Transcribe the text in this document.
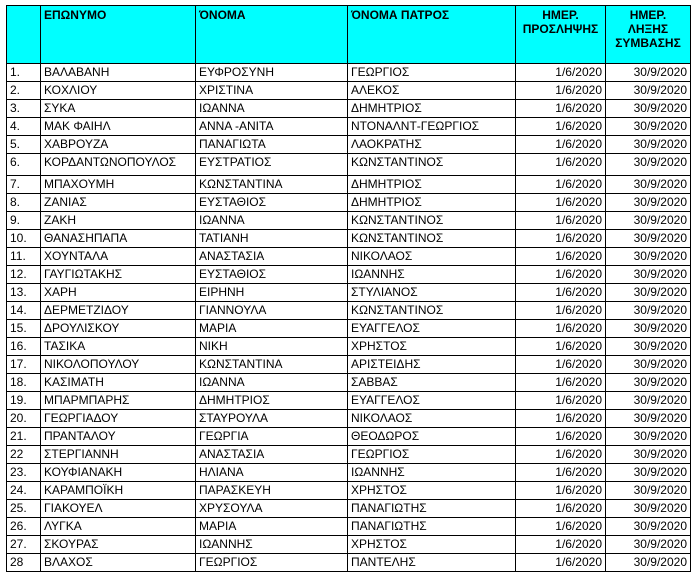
	ΕΠΩΝΥΜΟ	ΌΝΟΜΑ	ΌΝΟΜΑ ΠΑΤΡΟΣ	ΗΜΕΡ. ΠΡΟΣΛΗΨΗΣ	ΗΜΕΡ. ΛΗΞΗΣ ΣΥΜΒΑΣΗΣ
1.	ΒΑΛΑΒΑΝΗ	ΕΥΦΡΟΣΥΝΗ	ΓΕΩΡΓΙΟΣ	1/6/2020	30/9/2020
2.	ΚΟΧΛΙΟΥ	ΧΡΙΣΤΙΝΑ	ΑΛΕΚΟΣ	1/6/2020	30/9/2020
3.	ΣΥΚΑ	ΙΩΑΝΝΑ	ΔΗΜΗΤΡΙΟΣ	1/6/2020	30/9/2020
4.	ΜΑΚ ΦΑΙΗΛ	ΑΝΝΑ -ΑΝΙΤΑ	ΝΤΟΝΑΛΝΤ-ΓΕΩΡΓΙΟΣ	1/6/2020	30/9/2020
5.	ΧΑΒΡΟΥΖΑ	ΠΑΝΑΓΙΩΤΑ	ΛΑΟΚΡΑΤΗΣ	1/6/2020	30/9/2020
6.	ΚΟΡΔΑΝΤΩΝΟΠΟΥΛΟΣ	ΕΥΣΤΡΑΤΙΟΣ	ΚΩΝΣΤΑΝΤΙΝΟΣ	1/6/2020	30/9/2020
7.	ΜΠΑΧΟΥΜΗ	ΚΩΝΣΤΑΝΤΙΝΑ	ΔΗΜΗΤΡΙΟΣ	1/6/2020	30/9/2020
8.	ΖΑΝΙΑΣ	ΕΥΣΤΑΘΙΟΣ	ΔΗΜΗΤΡΙΟΣ	1/6/2020	30/9/2020
9.	ΖΑΚΗ	ΙΩΑΝΝΑ	ΚΩΝΣΤΑΝΤΙΝΟΣ	1/6/2020	30/9/2020
10.	ΘΑΝΑΣΗΠΑΠΑ	ΤΑΤΙΑΝΗ	ΚΩΝΣΤΑΝΤΙΝΟΣ	1/6/2020	30/9/2020
11.	ΧΟΥΝΤΑΛΑ	ΑΝΑΣΤΑΣΙΑ	ΝΙΚΟΛΑΟΣ	1/6/2020	30/9/2020
12.	ΓΑΥΓΙΩΤΑΚΗΣ	ΕΥΣΤΑΘΙΟΣ	ΙΩΑΝΝΗΣ	1/6/2020	30/9/2020
13.	ΧΑΡΗ	ΕΙΡΗΝΗ	ΣΤΥΛΙΑΝΟΣ	1/6/2020	30/9/2020
14.	ΔΕΡΜΕΤΖΙΔΟΥ	ΓΙΑΝΝΟΥΛΑ	ΚΩΝΣΤΑΝΤΙΝΟΣ	1/6/2020	30/9/2020
15.	ΔΡΟΥΛΙΣΚΟΥ	ΜΑΡΙΑ	ΕΥΑΓΓΕΛΟΣ	1/6/2020	30/9/2020
16.	ΤΑΣΙΚΑ	ΝΙΚΗ	ΧΡΗΣΤΟΣ	1/6/2020	30/9/2020
17.	ΝΙΚΟΛΟΠΟΥΛΟΥ	ΚΩΝΣΤΑΝΤΙΝΑ	ΑΡΙΣΤΕΙΔΗΣ	1/6/2020	30/9/2020
18.	ΚΑΣΙΜΑΤΗ	ΙΩΑΝΝΑ	ΣΑΒΒΑΣ	1/6/2020	30/9/2020
19.	ΜΠΑΡΜΠΑΡΗΣ	ΔΗΜΗΤΡΙΟΣ	ΕΥΑΓΓΕΛΟΣ	1/6/2020	30/9/2020
20.	ΓΕΩΡΓΙΑΔΟΥ	ΣΤΑΥΡΟΥΛΑ	ΝΙΚΟΛΑΟΣ	1/6/2020	30/9/2020
21.	ΠΡΑΝΤΑΛΟΥ	ΓΕΩΡΓΙΑ	ΘΕΟΔΩΡΟΣ	1/6/2020	30/9/2020
22	ΣΤΕΡΓΙΑΝΝΗ	ΑΝΑΣΤΑΣΙΑ	ΓΕΩΡΓΙΟΣ	1/6/2020	30/9/2020
23.	ΚΟΥΦΙΑΝΑΚΗ	ΗΛΙΑΝΑ	ΙΩΑΝΝΗΣ	1/6/2020	30/9/2020
24.	ΚΑΡΑΜΠΟΪΚΗ	ΠΑΡΑΣΚΕΥΗ	ΧΡΗΣΤΟΣ	1/6/2020	30/9/2020
25.	ΓΙΑΚΟΥΕΛ	ΧΡΥΣΟΥΛΑ	ΠΑΝΑΓΙΩΤΗΣ	1/6/2020	30/9/2020
26.	ΛΥΓΚΑ	ΜΑΡΙΑ	ΠΑΝΑΓΙΩΤΗΣ	1/6/2020	30/9/2020
27.	ΣΚΟΥΡΑΣ	ΙΩΑΝΝΗΣ	ΧΡΗΣΤΟΣ	1/6/2020	30/9/2020
28	ΒΛΑΧΟΣ	ΓΕΩΡΓΙΟΣ	ΠΑΝΤΕΛΗΣ	1/6/2020	30/9/2020
